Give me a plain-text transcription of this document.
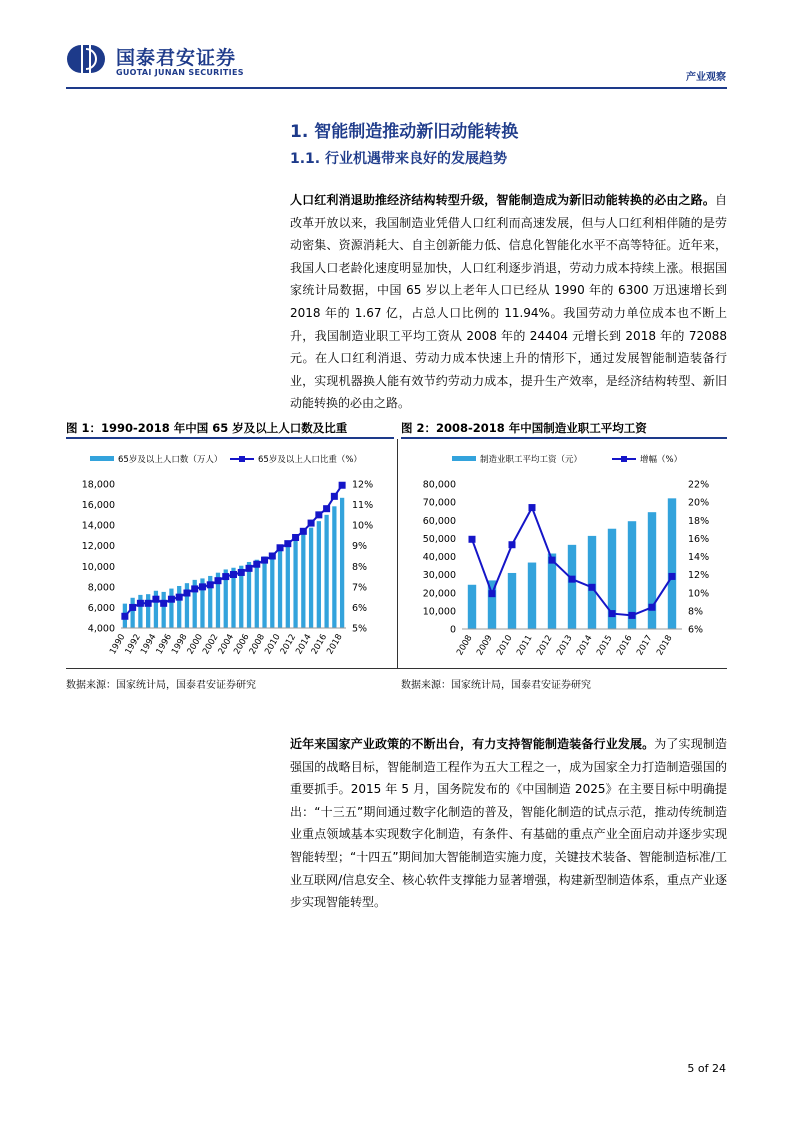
国泰君安证券
GUOTAI JUNAN SECURITIES	产业观察
1. 智能制造推动新旧动能转换
1.1. 行业机遇带来良好的发展趋势
人口红利消退助推经济结构转型升级，智能制造成为新旧动能转换的必由之路。自改革开放以来，我国制造业凭借人口红利而高速发展，但与人口红利相伴随的是劳动密集、资源消耗大、自主创新能力低、信息化智能化水平不高等特征。近年来，我国人口老龄化速度明显加快，人口红利逐步消退，劳动力成本持续上涨。根据国家统计局数据，中国 65 岁以上老年人口已经从 1990 年的 6300 万迅速增长到 2018 年的 1.67 亿，占总人口比例的 11.94%。我国劳动力单位成本也不断上升，我国制造业职工平均工资从 2008 年的 24404 元增长到 2018 年的 72088 元。在人口红利消退、劳动力成本快速上升的情形下，通过发展智能制造装备行业，实现机器换人能有效节约劳动力成本，提升生产效率，是经济结构转型、新旧动能转换的必由之路。
图 1：1990-2018 年中国 65 岁及以上人口数及比重	图 2：2008-2018 年中国制造业职工平均工资
65岁及以上人口数（万人）	65岁及以上人口比重（%）
4,000
6,000
8,000
10,000
12,000
14,000
16,000
18,000
5%
6%
7%
8%
9%
10%
11%
12%
1990
1992
1994
1996
1998
2000
2002
2004
2006
2008
2010
2012
2014
2016
2018
制造业职工平均工资（元）	增幅（%）
0
10,000
20,000
30,000
40,000
50,000
60,000
70,000
80,000
6%
8%
10%
12%
14%
16%
18%
20%
22%
2008 2009 2010 2011 2012 2013 2014 2015 2016 2017 2018
数据来源：国家统计局，国泰君安证券研究	数据来源：国家统计局，国泰君安证券研究
近年来国家产业政策的不断出台，有力支持智能制造装备行业发展。为了实现制造强国的战略目标，智能制造工程作为五大工程之一，成为国家全力打造制造强国的重要抓手。2015 年 5 月，国务院发布的《中国制造 2025》在主要目标中明确提出：“十三五”期间通过数字化制造的普及，智能化制造的试点示范，推动传统制造业重点领域基本实现数字化制造，有条件、有基础的重点产业全面启动并逐步实现智能转型；“十四五”期间加大智能制造实施力度，关键技术装备、智能制造标准/工业互联网/信息安全、核心软件支撑能力显著增强，构建新型制造体系，重点产业逐步实现智能转型。
5 of 24
